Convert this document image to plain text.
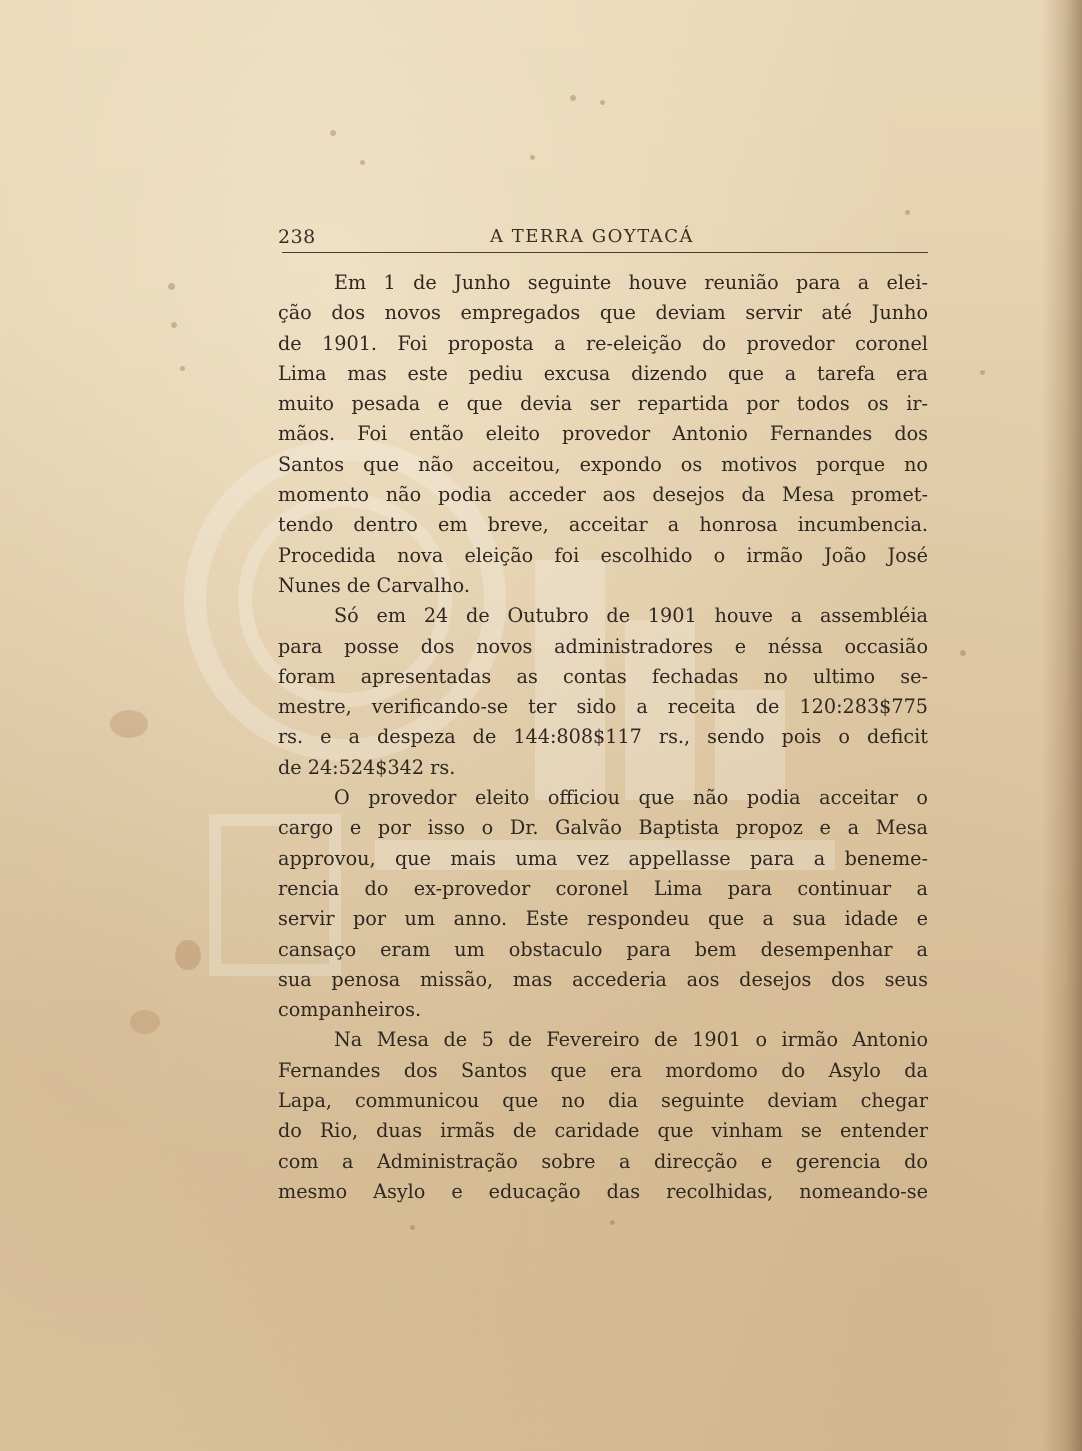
238	A TERRA GOYTACÁ
Em 1 de Junho seguinte houve reunião para a elei-
ção dos novos empregados que deviam servir até Junho
de 1901. Foi proposta a re-eleição do provedor coronel
Lima mas este pediu excusa dizendo que a tarefa era
muito pesada e que devia ser repartida por todos os ir-
mãos. Foi então eleito provedor Antonio Fernandes dos
Santos que não acceitou, expondo os motivos porque no
momento não podia acceder aos desejos da Mesa promet-
tendo dentro em breve, acceitar a honrosa incumbencia.
Procedida nova eleição foi escolhido o irmão João José
Nunes de Carvalho.
Só em 24 de Outubro de 1901 houve a assembléia
para posse dos novos administradores e néssa occasião
foram apresentadas as contas fechadas no ultimo se-
mestre, verificando-se ter sido a receita de 120:283$775
rs. e a despeza de 144:808$117 rs., sendo pois o deficit
de 24:524$342 rs.
O provedor eleito officiou que não podia acceitar o
cargo e por isso o Dr. Galvão Baptista propoz e a Mesa
approvou, que mais uma vez appellasse para a beneme-
rencia do ex-provedor coronel Lima para continuar a
servir por um anno. Este respondeu que a sua idade e
cansaço eram um obstaculo para bem desempenhar a
sua penosa missão, mas accederia aos desejos dos seus
companheiros.
Na Mesa de 5 de Fevereiro de 1901 o irmão Antonio
Fernandes dos Santos que era mordomo do Asylo da
Lapa, communicou que no dia seguinte deviam chegar
do Rio, duas irmãs de caridade que vinham se entender
com a Administração sobre a direcção e gerencia do
mesmo Asylo e educação das recolhidas, nomeando-se
